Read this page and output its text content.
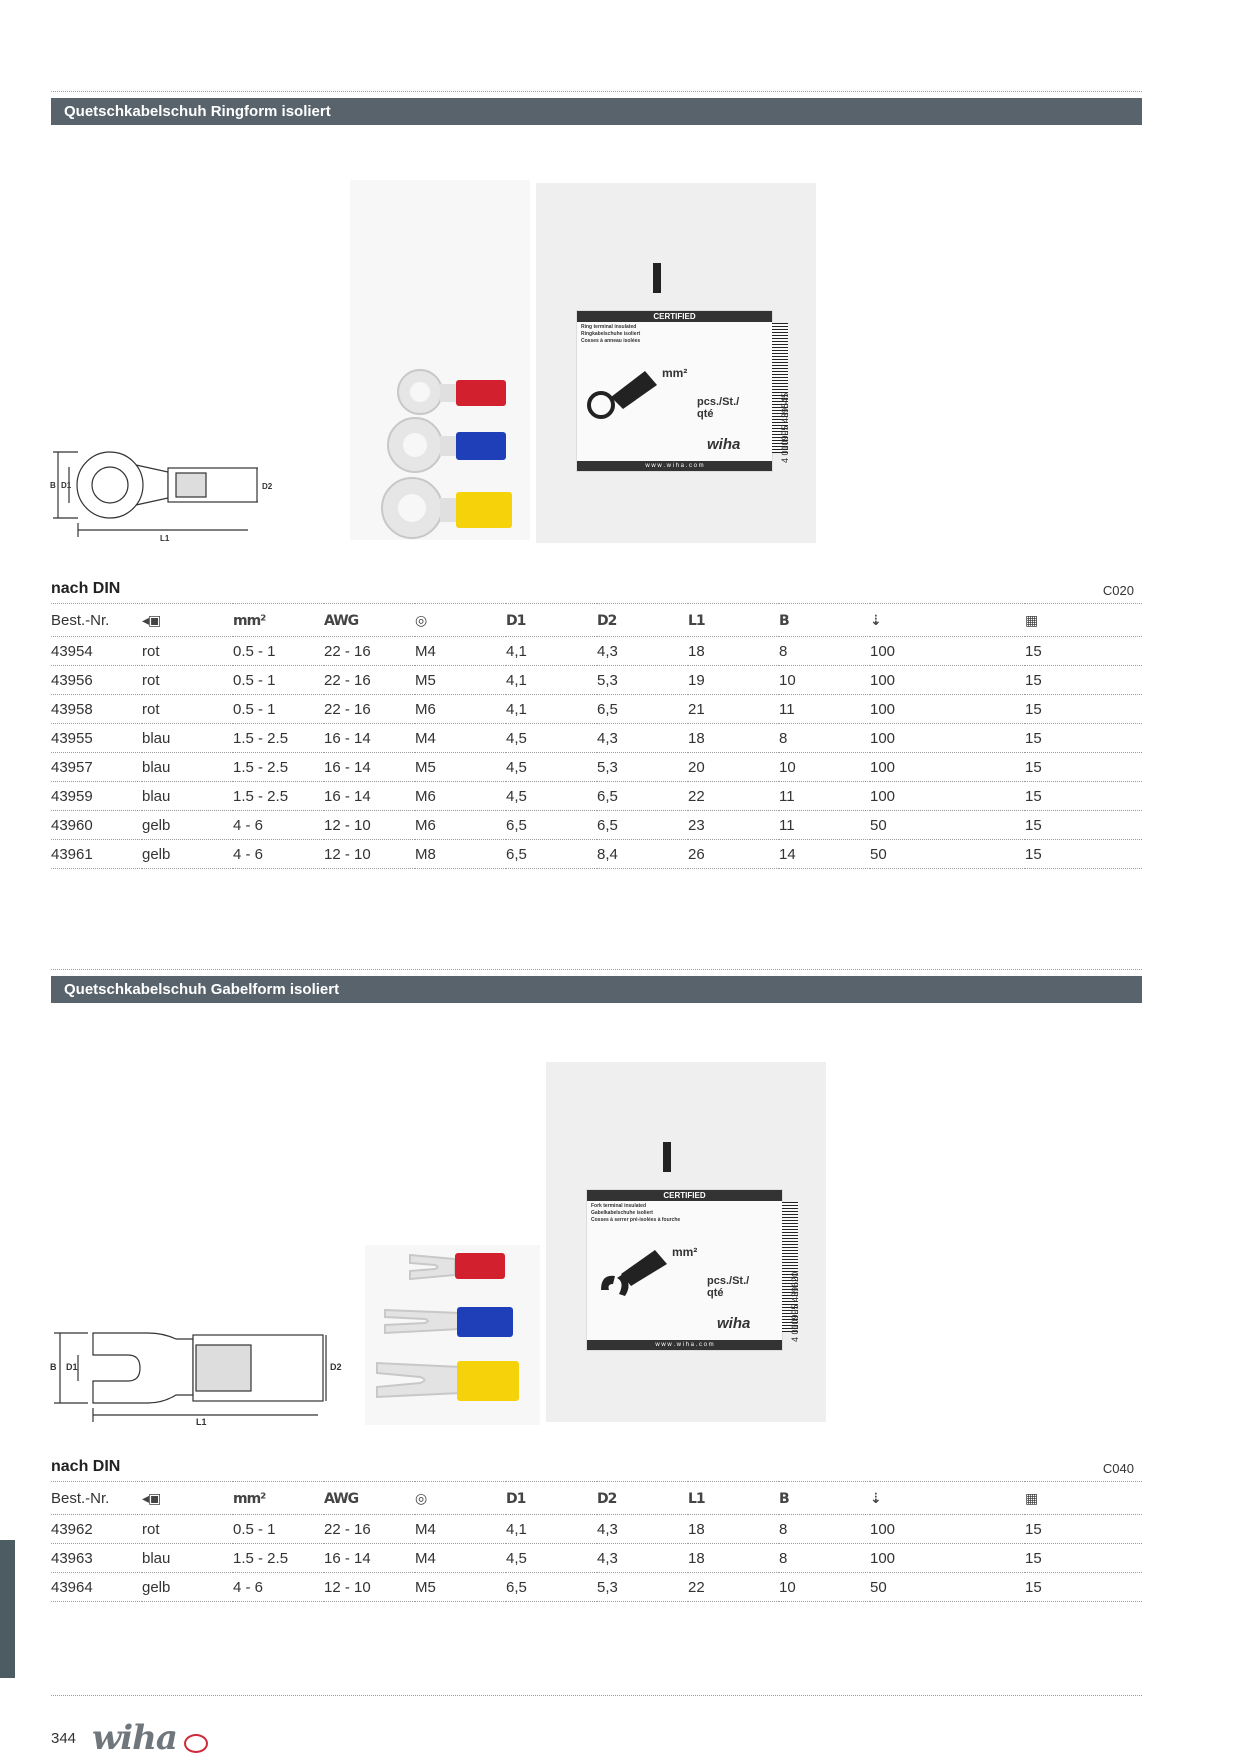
Quetschkabelschuh Ringform isoliert
B D1
L1
D2
CERTIFIED
Ring terminal insulated
Ringkabelschuhe isoliert
Cosses à anneau isolées
mm²
pcs./St./
qté
wiha
w w w . w i h a . c o m
4 010995 439545
nach DIN	C020
Best.-Nr.	◂▣	mm²	AWG	◎	D1	D2	L1	B	⇣	▦
43954	rot	0.5 - 1	22 - 16	M4	4,1	4,3	18	8	100	15
43956	rot	0.5 - 1	22 - 16	M5	4,1	5,3	19	10	100	15
43958	rot	0.5 - 1	22 - 16	M6	4,1	6,5	21	11	100	15
43955	blau	1.5 - 2.5	16 - 14	M4	4,5	4,3	18	8	100	15
43957	blau	1.5 - 2.5	16 - 14	M5	4,5	5,3	20	10	100	15
43959	blau	1.5 - 2.5	16 - 14	M6	4,5	6,5	22	11	100	15
43960	gelb	4 - 6	12 - 10	M6	6,5	6,5	23	11	50	15
43961	gelb	4 - 6	12 - 10	M8	6,5	8,4	26	14	50	15
Quetschkabelschuh Gabelform isoliert
B D1
L1
D2
CERTIFIED
Fork terminal insulated
Gabelkabelschuhe isoliert
Cosses à serrer pré-isolées à fourche
mm²
pcs./St./
qté
wiha
w w w . w i h a . c o m
4 010995 439620
nach DIN	C040
Best.-Nr.	◂▣	mm²	AWG	◎	D1	D2	L1	B	⇣	▦
43962	rot	0.5 - 1	22 - 16	M4	4,1	4,3	18	8	100	15
43963	blau	1.5 - 2.5	16 - 14	M4	4,5	4,3	18	8	100	15
43964	gelb	4 - 6	12 - 10	M5	6,5	5,3	22	10	50	15
344 wiha
